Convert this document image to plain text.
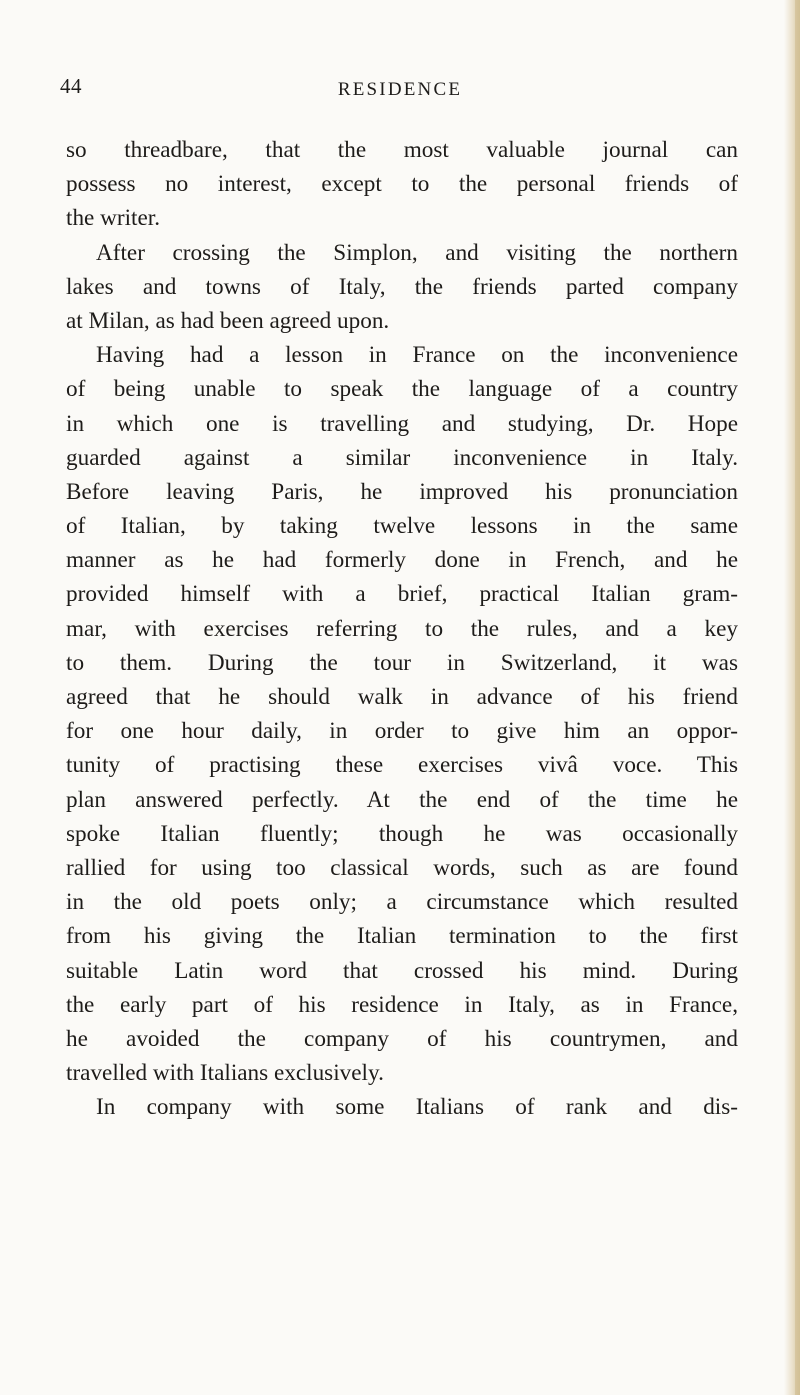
44	RESIDENCE
so threadbare, that the most valuable journal can
possess no interest, except to the personal friends of
the writer.
After crossing the Simplon, and visiting the northern
lakes and towns of Italy, the friends parted company
at Milan, as had been agreed upon.
Having had a lesson in France on the inconvenience
of being unable to speak the language of a country
in which one is travelling and studying, Dr. Hope
guarded against a similar inconvenience in Italy.
Before leaving Paris, he improved his pronunciation
of Italian, by taking twelve lessons in the same
manner as he had formerly done in French, and he
provided himself with a brief, practical Italian gram-
mar, with exercises referring to the rules, and a key
to them. During the tour in Switzerland, it was
agreed that he should walk in advance of his friend
for one hour daily, in order to give him an oppor-
tunity of practising these exercises vivâ voce. This
plan answered perfectly. At the end of the time he
spoke Italian fluently; though he was occasionally
rallied for using too classical words, such as are found
in the old poets only; a circumstance which resulted
from his giving the Italian termination to the first
suitable Latin word that crossed his mind. During
the early part of his residence in Italy, as in France,
he avoided the company of his countrymen, and
travelled with Italians exclusively.
In company with some Italians of rank and dis-
